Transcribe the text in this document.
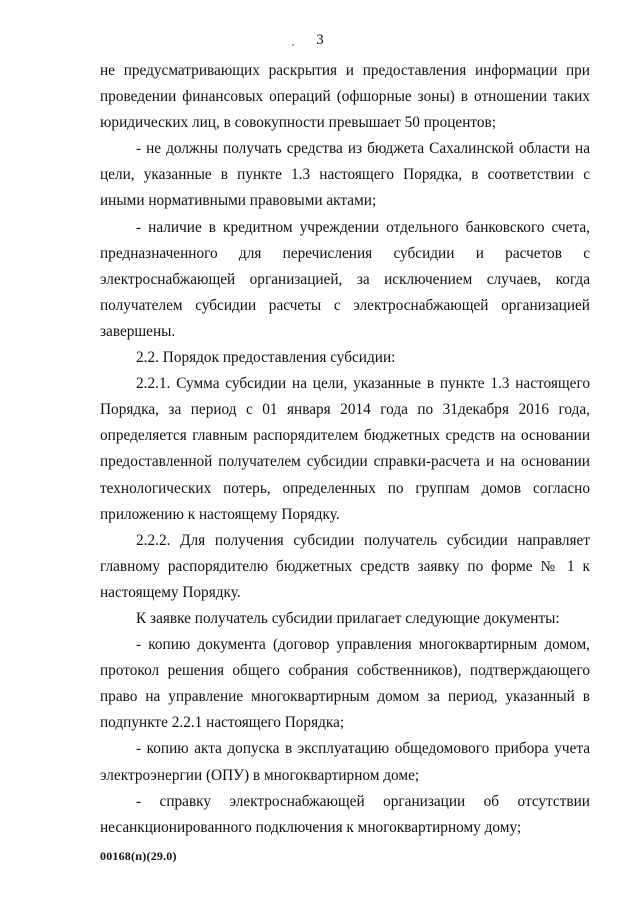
3

не предусматривающих раскрытия и предоставления информации при проведении финансовых операций (офшорные зоны) в отношении таких юридических лиц, в совокупности превышает 50 процентов;

- не должны получать средства из бюджета Сахалинской области на цели, указанные в пункте 1.3 настоящего Порядка, в соответствии с иными нормативными правовыми актами;

- наличие в кредитном учреждении отдельного банковского счета, предназначенного для перечисления субсидии и расчетов с электроснабжающей организацией, за исключением случаев, когда получателем субсидии расчеты с электроснабжающей организацией завершены.

2.2. Порядок предоставления субсидии:

2.2.1. Сумма субсидии на цели, указанные в пункте 1.3 настоящего Порядка, за период с 01 января 2014 года по 31декабря 2016 года, определяется главным распорядителем бюджетных средств на основании предоставленной получателем субсидии справки-расчета и на основании технологических потерь, определенных по группам домов согласно приложению к настоящему Порядку.

2.2.2. Для получения субсидии получатель субсидии направляет главному распорядителю бюджетных средств заявку по форме № 1 к настоящему Порядку.

К заявке получатель субсидии прилагает следующие документы:

- копию документа (договор управления многоквартирным домом, протокол решения общего собрания собственников), подтверждающего право на управление многоквартирным домом за период, указанный в подпункте 2.2.1 настоящего Порядка;

- копию акта допуска в эксплуатацию общедомового прибора учета электроэнергии (ОПУ) в многоквартирном доме;

- справку электроснабжающей организации об отсутствии несанкционированного подключения к многоквартирному дому;

00168(п)(29.0)
